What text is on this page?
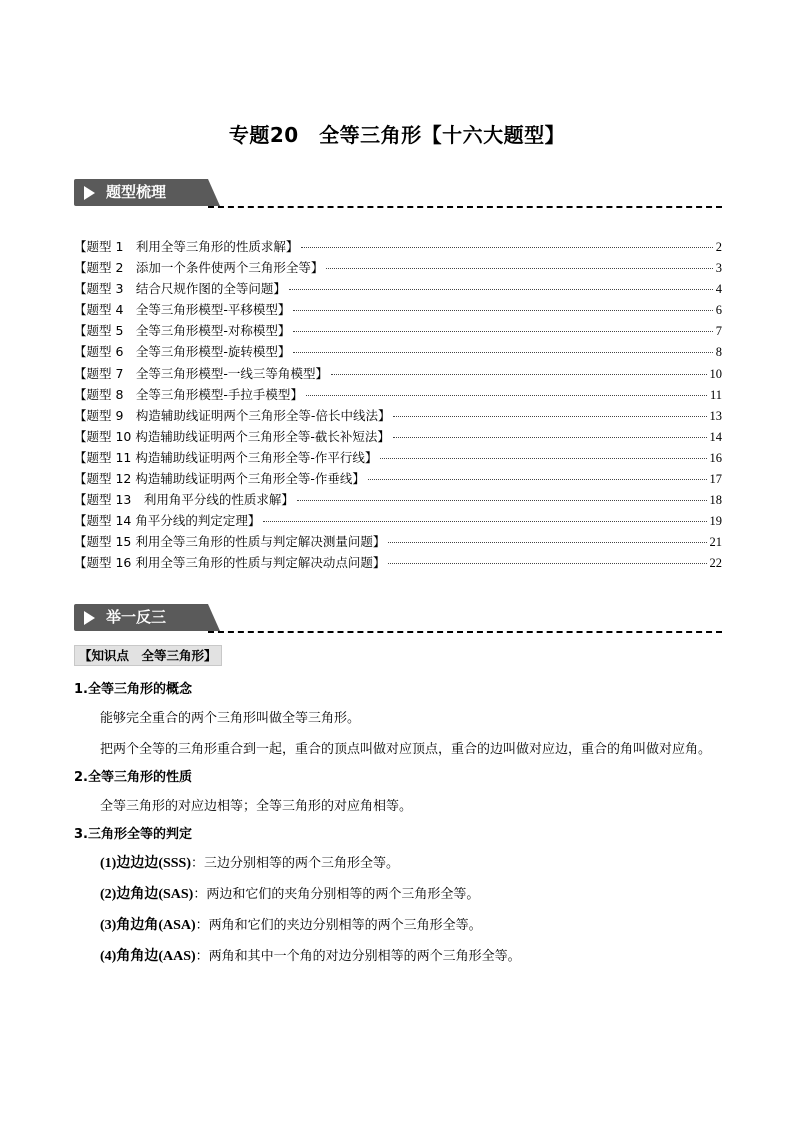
专题20　全等三角形【十六大题型】
题型梳理
【题型 1　利用全等三角形的性质求解】	2
【题型 2　添加一个条件使两个三角形全等】	3
【题型 3　结合尺规作图的全等问题】	4
【题型 4　全等三角形模型-平移模型】	6
【题型 5　全等三角形模型-对称模型】	7
【题型 6　全等三角形模型-旋转模型】	8
【题型 7　全等三角形模型-一线三等角模型】	10
【题型 8　全等三角形模型-手拉手模型】	11
【题型 9　构造辅助线证明两个三角形全等-倍长中线法】	13
【题型 10 构造辅助线证明两个三角形全等-截长补短法】	14
【题型 11 构造辅助线证明两个三角形全等-作平行线】	16
【题型 12 构造辅助线证明两个三角形全等-作垂线】	17
【题型 13　利用角平分线的性质求解】	18
【题型 14 角平分线的判定定理】	19
【题型 15 利用全等三角形的性质与判定解决测量问题】	21
【题型 16 利用全等三角形的性质与判定解决动点问题】	22
举一反三
【知识点　全等三角形】
1.全等三角形的概念
能够完全重合的两个三角形叫做全等三角形。
把两个全等的三角形重合到一起，重合的顶点叫做对应顶点，重合的边叫做对应边，重合的角叫做对应角。
2.全等三角形的性质
全等三角形的对应边相等；全等三角形的对应角相等。
3.三角形全等的判定
(1)边边边(SSS)：三边分别相等的两个三角形全等。
(2)边角边(SAS)：两边和它们的夹角分别相等的两个三角形全等。
(3)角边角(ASA)：两角和它们的夹边分别相等的两个三角形全等。
(4)角角边(AAS)：两角和其中一个角的对边分别相等的两个三角形全等。
